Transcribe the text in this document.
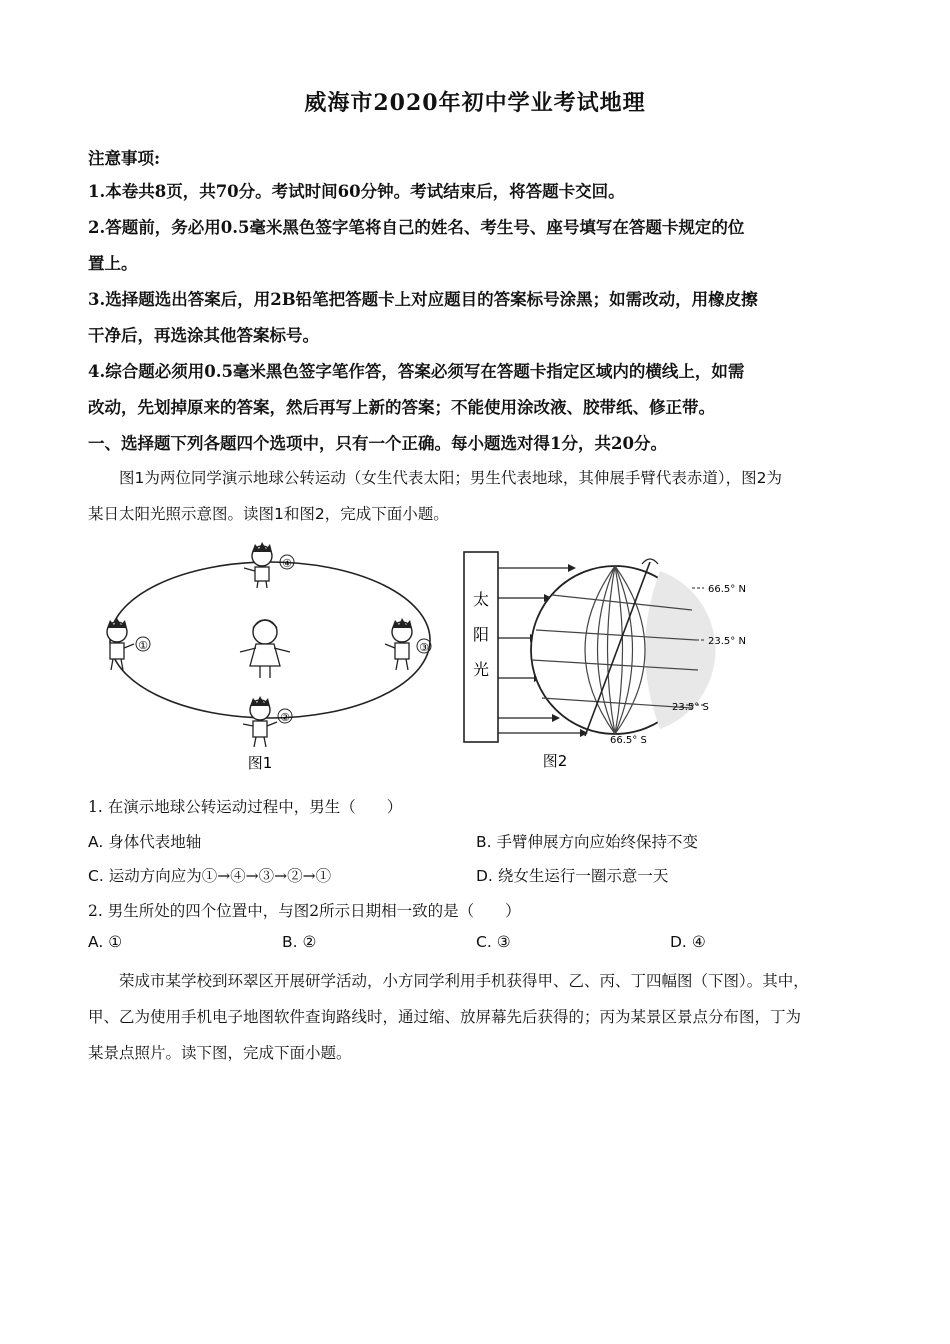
威海市2020年初中学业考试地理

注意事项:

1.本卷共8页，共70分。考试时间60分钟。考试结束后，将答题卡交回。

2.答题前，务必用0.5毫米黑色签字笔将自己的姓名、考生号、座号填写在答题卡规定的位

置上。

3.选择题选出答案后，用2B铅笔把答题卡上对应题目的答案标号涂黑；如需改动，用橡皮擦

干净后，再选涂其他答案标号。

4.综合题必须用0.5毫米黑色签字笔作答，答案必须写在答题卡指定区域内的横线上，如需

改动，先划掉原来的答案，然后再写上新的答案；不能使用涂改液、胶带纸、修正带。

一、选择题下列各题四个选项中，只有一个正确。每小题选对得1分，共20分。

图1为两位同学演示地球公转运动（女生代表太阳；男生代表地球，其伸展手臂代表赤道），图2为

某日太阳光照示意图。读图1和图2，完成下面小题。

①
②
③
④
图1
太
阳
光
66.5° N
23.5° N
23.5° S
66.5° S
图2

1. 在演示地球公转运动过程中，男生（　　）

A. 身体代表地轴	B. 手臂伸展方向应始终保持不变

C. 运动方向应为①→④→③→②→①	D. 绕女生运行一圈示意一天

2. 男生所处的四个位置中，与图2所示日期相一致的是（　　）

A. ①	B. ②	C. ③	D. ④

荣成市某学校到环翠区开展研学活动，小方同学利用手机获得甲、乙、丙、丁四幅图（下图）。其中，

甲、乙为使用手机电子地图软件查询路线时，通过缩、放屏幕先后获得的；丙为某景区景点分布图，丁为

某景点照片。读下图，完成下面小题。
